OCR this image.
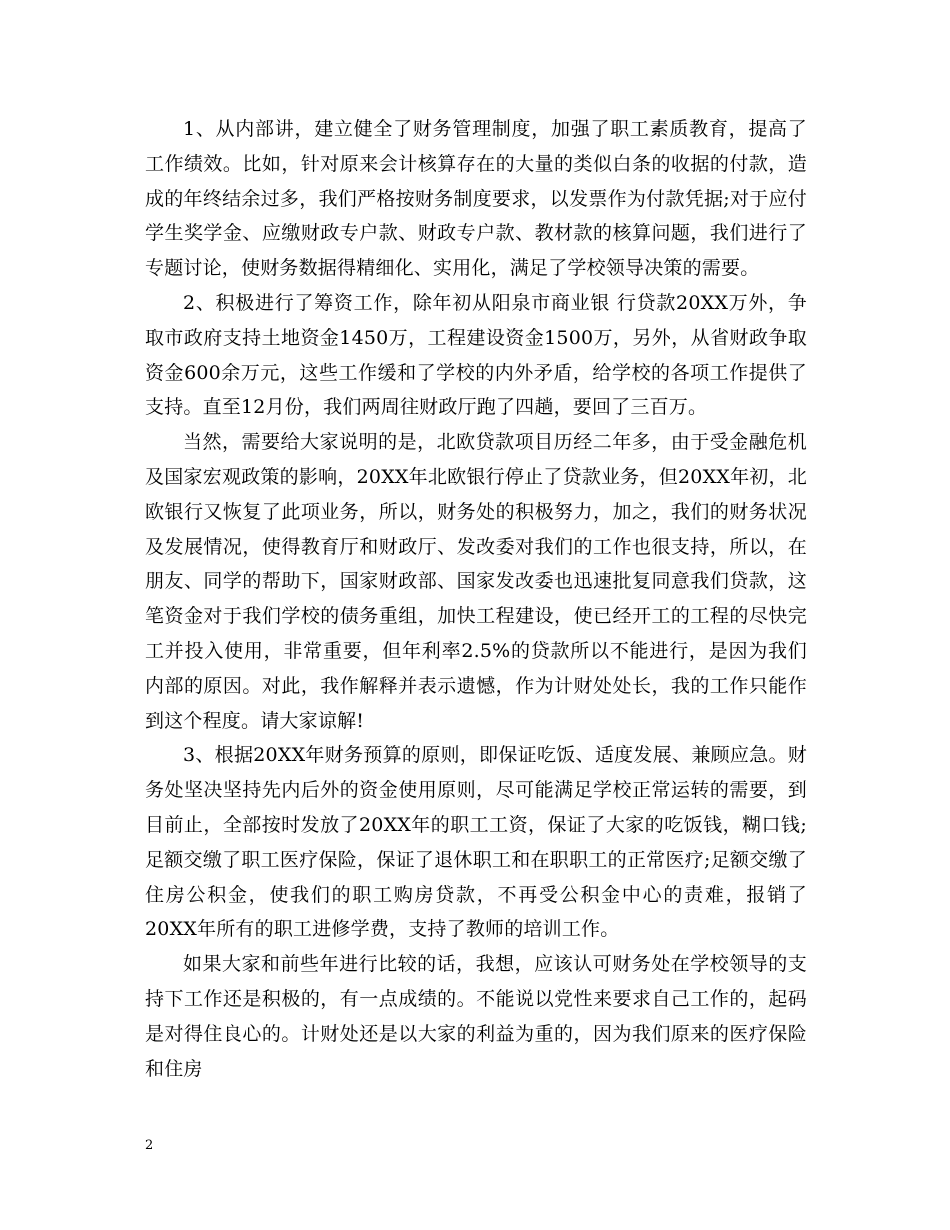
1、从内部讲，建立健全了财务管理制度，加强了职工素质教育，提高了工作绩效。比如，针对原来会计核算存在的大量的类似白条的收据的付款，造成的年终结余过多，我们严格按财务制度要求，以发票作为付款凭据;对于应付学生奖学金、应缴财政专户款、财政专户款、教材款的核算问题，我们进行了专题讨论，使财务数据得精细化、实用化，满足了学校领导决策的需要。

2、积极进行了筹资工作，除年初从阳泉市商业银 行贷款20XX万外，争取市政府支持土地资金1450万，工程建设资金1500万，另外，从省财政争取资金600余万元，这些工作缓和了学校的内外矛盾，给学校的各项工作提供了支持。直至12月份，我们两周往财政厅跑了四趟，要回了三百万。

当然，需要给大家说明的是，北欧贷款项目历经二年多，由于受金融危机及国家宏观政策的影响，20XX年北欧银行停止了贷款业务，但20XX年初，北欧银行又恢复了此项业务，所以，财务处的积极努力，加之，我们的财务状况及发展情况，使得教育厅和财政厅、发改委对我们的工作也很支持，所以，在朋友、同学的帮助下，国家财政部、国家发改委也迅速批复同意我们贷款，这笔资金对于我们学校的债务重组，加快工程建设，使已经开工的工程的尽快完工并投入使用，非常重要，但年利率2.5%的贷款所以不能进行，是因为我们内部的原因。对此，我作解释并表示遗憾，作为计财处处长，我的工作只能作到这个程度。请大家谅解!

3、根据20XX年财务预算的原则，即保证吃饭、适度发展、兼顾应急。财务处坚决坚持先内后外的资金使用原则，尽可能满足学校正常运转的需要，到目前止，全部按时发放了20XX年的职工工资，保证了大家的吃饭钱，糊口钱;足额交缴了职工医疗保险，保证了退休职工和在职职工的正常医疗;足额交缴了住房公积金，使我们的职工购房贷款，不再受公积金中心的责难，报销了20XX年所有的职工进修学费，支持了教师的培训工作。

如果大家和前些年进行比较的话，我想，应该认可财务处在学校领导的支持下工作还是积极的，有一点成绩的。不能说以党性来要求自己工作的，起码是对得住良心的。计财处还是以大家的利益为重的，因为我们原来的医疗保险和住房

2
